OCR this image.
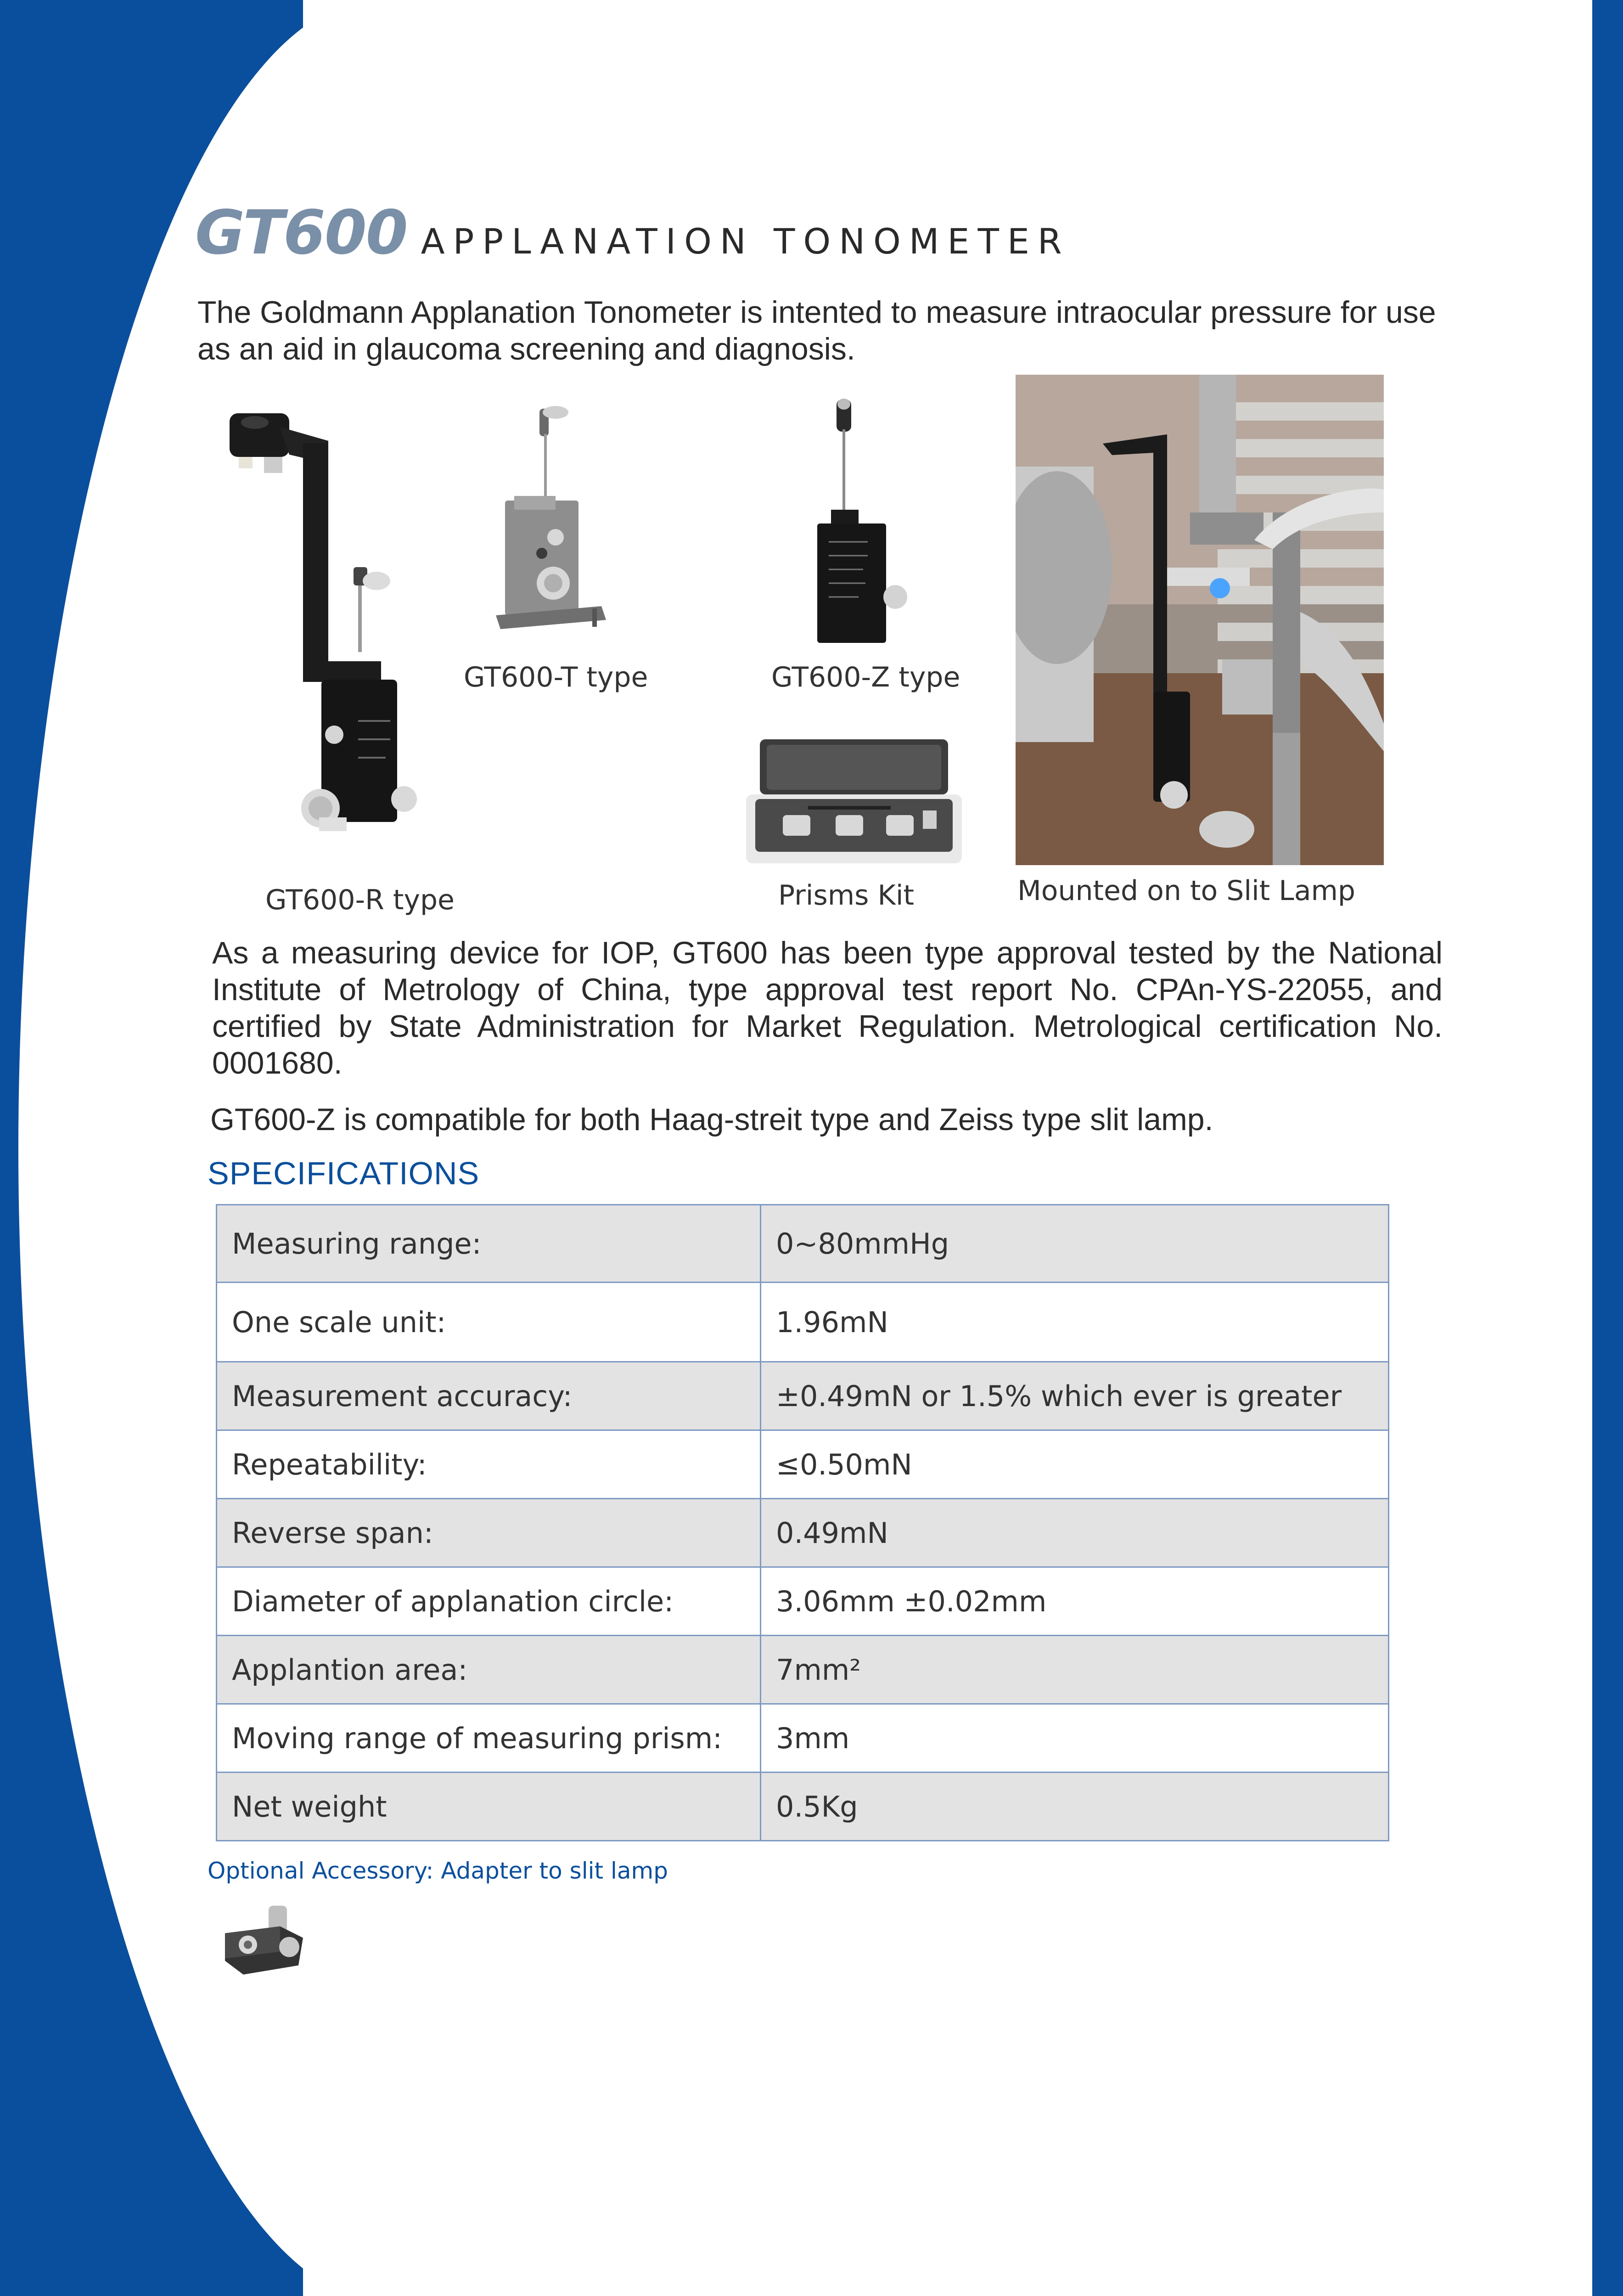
GT600 APPLANATION TONOMETER
The Goldmann Applanation Tonometer is intented to measure intraocular pressure for use as an aid in glaucoma screening and diagnosis.
GT600-T type	GT600-Z type
Prisms Kit	Mounted on to Slit Lamp
GT600-R type
As a measuring device for IOP, GT600 has been type approval tested by the National Institute of Metrology of China, type approval test report No. CPAn-YS-22055, and certified by State Administration for Market Regulation. Metrological certification No. 0001680.
GT600-Z is compatible for both Haag-streit type and Zeiss type slit lamp.
SPECIFICATIONS
Measuring range:	0~80mmHg
One scale unit:	1.96mN
Measurement accuracy:	±0.49mN or 1.5% which ever is greater
Repeatability:	≤0.50mN
Reverse span:	0.49mN
Diameter of applanation circle:	3.06mm ±0.02mm
Applantion area:	7mm²
Moving range of measuring prism:	3mm
Net weight	0.5Kg
Optional Accessory: Adapter to slit lamp
